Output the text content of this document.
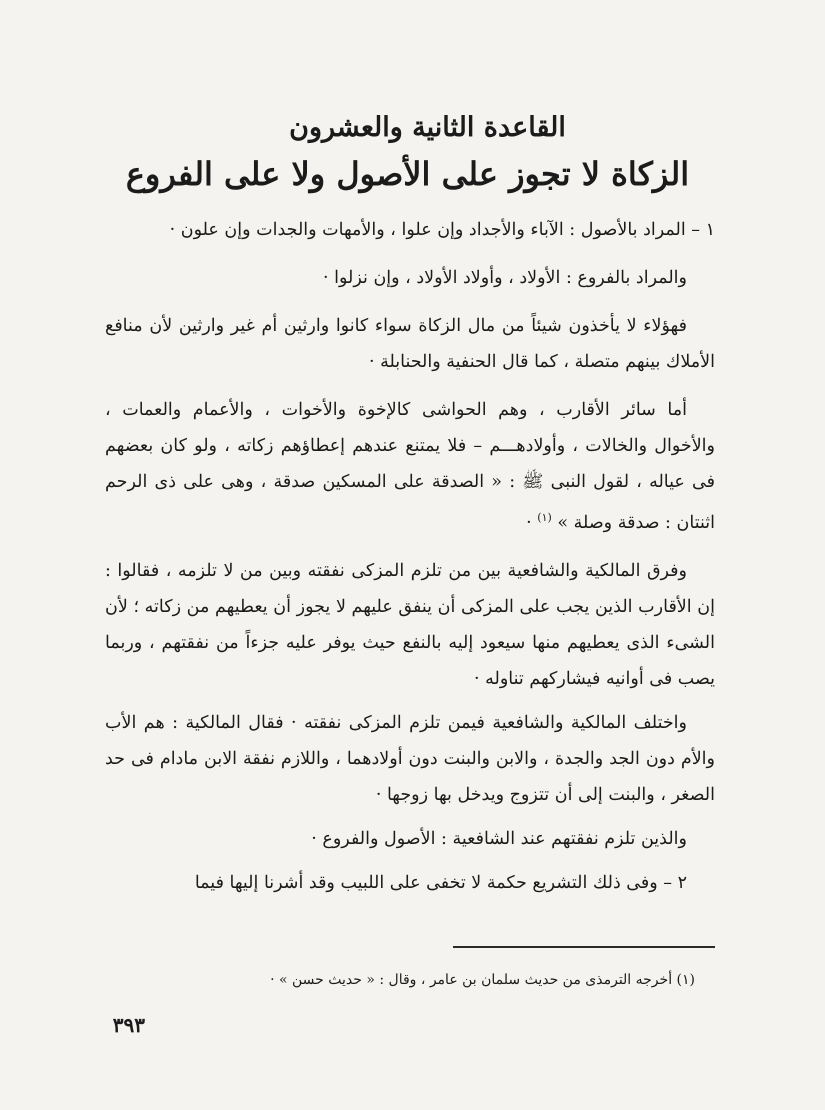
القاعدة الثانية والعشرون
الزكاة لا تجوز على الأصول ولا على الفروع

١ – المراد بالأصول : الآباء والأجداد وإن علوا ، والأمهات والجدات وإن علون ·

والمراد بالفروع : الأولاد ، وأولاد الأولاد ، وإن نزلوا ·

فهؤلاء لا يأخذون شيئاً من مال الزكاة سواء كانوا وارثين أم غير وارثين لأن منافع الأملاك بينهم متصلة ، كما قال الحنفية والحنابلة ·

أما سائر الأقارب ، وهم الحواشى كالإخوة والأخوات ، والأعمام والعمات ، والأخوال والخالات ، وأولادهـــم – فلا يمتنع عندهم إعطاؤهم زكاته ، ولو كان بعضهم فى عياله ، لقول النبى ﷺ : « الصدقة على المسكين صدقة ، وهى على ذى الرحم اثنتان : صدقة وصلة » $^{(١)}$ ·

وفرق المالكية والشافعية بين من تلزم المزكى نفقته وبين من لا تلزمه ، فقالوا : إن الأقارب الذين يجب على المزكى أن ينفق عليهم لا يجوز أن يعطيهم من زكاته ؛ لأن الشىء الذى يعطيهم منها سيعود إليه بالنفع حيث يوفر عليه جزءاً من نفقتهم ، وربما يصب فى أوانيه فيشاركهم تناوله ·

واختلف المالكية والشافعية فيمن تلزم المزكى نفقته · فقال المالكية : هم الأب والأم دون الجد والجدة ، والابن والبنت دون أولادهما ، واللازم نفقة الابن مادام فى حد الصغر ، والبنت إلى أن تتزوج ويدخل بها زوجها ·

والذين تلزم نفقتهم عند الشافعية : الأصول والفروع ·

٢ – وفى ذلك التشريع حكمة لا تخفى على اللبيب وقد أشرنا إليها فيما

(١) أخرجه الترمذى من حديث سلمان بن عامر ، وقال : « حديث حسن » ·
٣٩٣
